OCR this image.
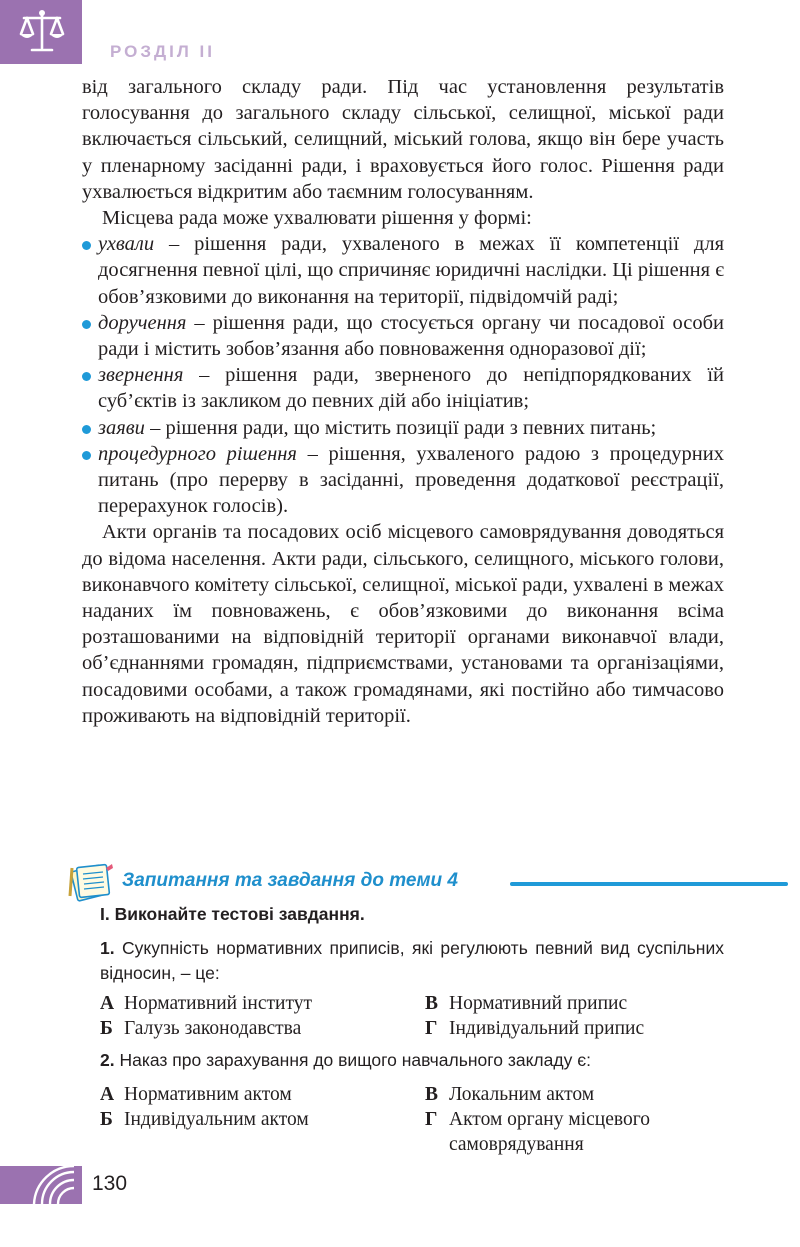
РОЗДІЛ II

від загального складу ради. Під час установлення результатів голосування до загального складу сільської, селищної, міської ради включається сільський, селищний, міський голова, якщо він бере участь у пленарному засіданні ради, і враховується його голос. Рішення ради ухвалюється відкритим або таємним голосуванням.

Місцева рада може ухвалювати рішення у формі:

ухвали – рішення ради, ухваленого в межах її компетенції для досягнення певної цілі, що спричиняє юридичні наслідки. Ці рішення є обов’язковими до виконання на території, підвідомчій раді;
доручення – рішення ради, що стосується органу чи посадової особи ради і містить зобов’язання або повноваження одноразової дії;
звернення – рішення ради, зверненого до непідпорядкованих їй суб’єктів із закликом до певних дій або ініціатив;
заяви – рішення ради, що містить позиції ради з певних питань;
процедурного рішення – рішення, ухваленого радою з процедурних питань (про перерву в засіданні, проведення додаткової реєстрації, перерахунок голосів).

Акти органів та посадових осіб місцевого самоврядування доводяться до відома населення. Акти ради, сільського, селищного, міського голови, виконавчого комітету сільської, селищної, міської ради, ухвалені в межах наданих їм повноважень, є обов’язковими до виконання всіма розташованими на відповідній території органами виконавчої влади, об’єднаннями громадян, підприємствами, установами та організаціями, посадовими особами, а також громадянами, які постійно або тимчасово проживають на відповідній території.

Запитання та завдання до теми 4
І. Виконайте тестові завдання.
1. Сукупність нормативних приписів, які регулюють певний вид суспільних відносин, – це:
А Нормативний інститут	В Нормативний припис
Б Галузь законодавства	Г Індивідуальний припис
2. Наказ про зарахування до вищого навчального закладу є:
А Нормативним актом	В Локальним актом
Б Індивідуальним актом	Г Актом органу місцевого самоврядування
130
